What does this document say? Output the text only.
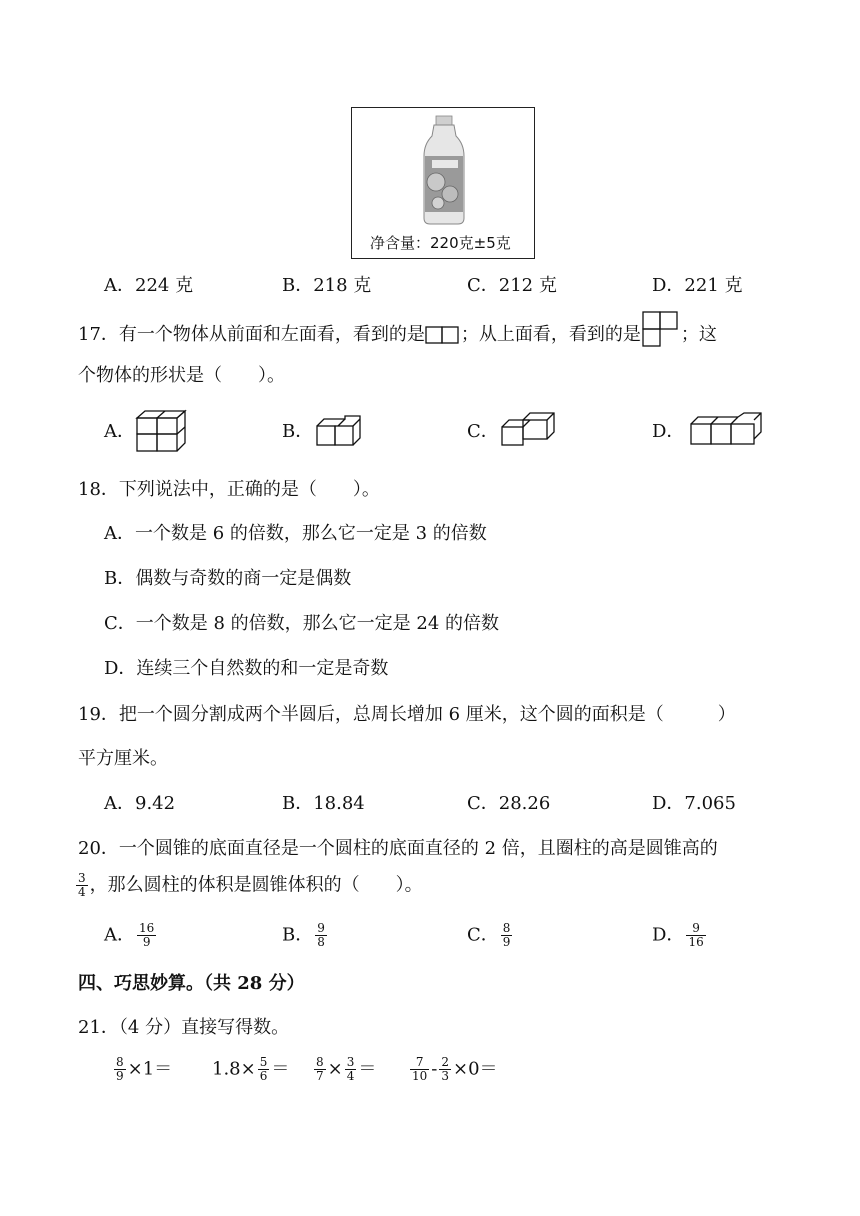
净含量：220克±5克
A．224 克	B．218 克	C．212 克	D．221 克
17．有一个物体从前面和左面看，看到的是 ；从上面看，看到的是 ；这
个物体的形状是（　　）。
A．	B．	C．	D．
18．下列说法中，正确的是（　　）。
A．一个数是 6 的倍数，那么它一定是 3 的倍数
B．偶数与奇数的商一定是偶数
C．一个数是 8 的倍数，那么它一定是 24 的倍数
D．连续三个自然数的和一定是奇数
19．把一个圆分割成两个半圆后，总周长增加 6 厘米，这个圆的面积是（　　　）
平方厘米。
A．9.42	B．18.84	C．28.26	D．7.065
20．一个圆锥的底面直径是一个圆柱的底面直径的 2 倍，且圈柱的高是圆锥高的
$\frac{3}{4}$ ，那么圆柱的体积是圆锥体积的（　　）。
A． $\frac{16}{9}$	B． $\frac{9}{8}$	C． $\frac{8}{9}$	D． $\frac{9}{16}$
四、巧思妙算。（共 28 分）
21．（4 分）直接写得数。
$\frac{8}{9} \times 1= 1.8\times \frac{5}{6} = \frac{8}{7} \times \frac{3}{4}$ ＝	$\frac{7}{10} - \frac{2}{3} \times 0=$
